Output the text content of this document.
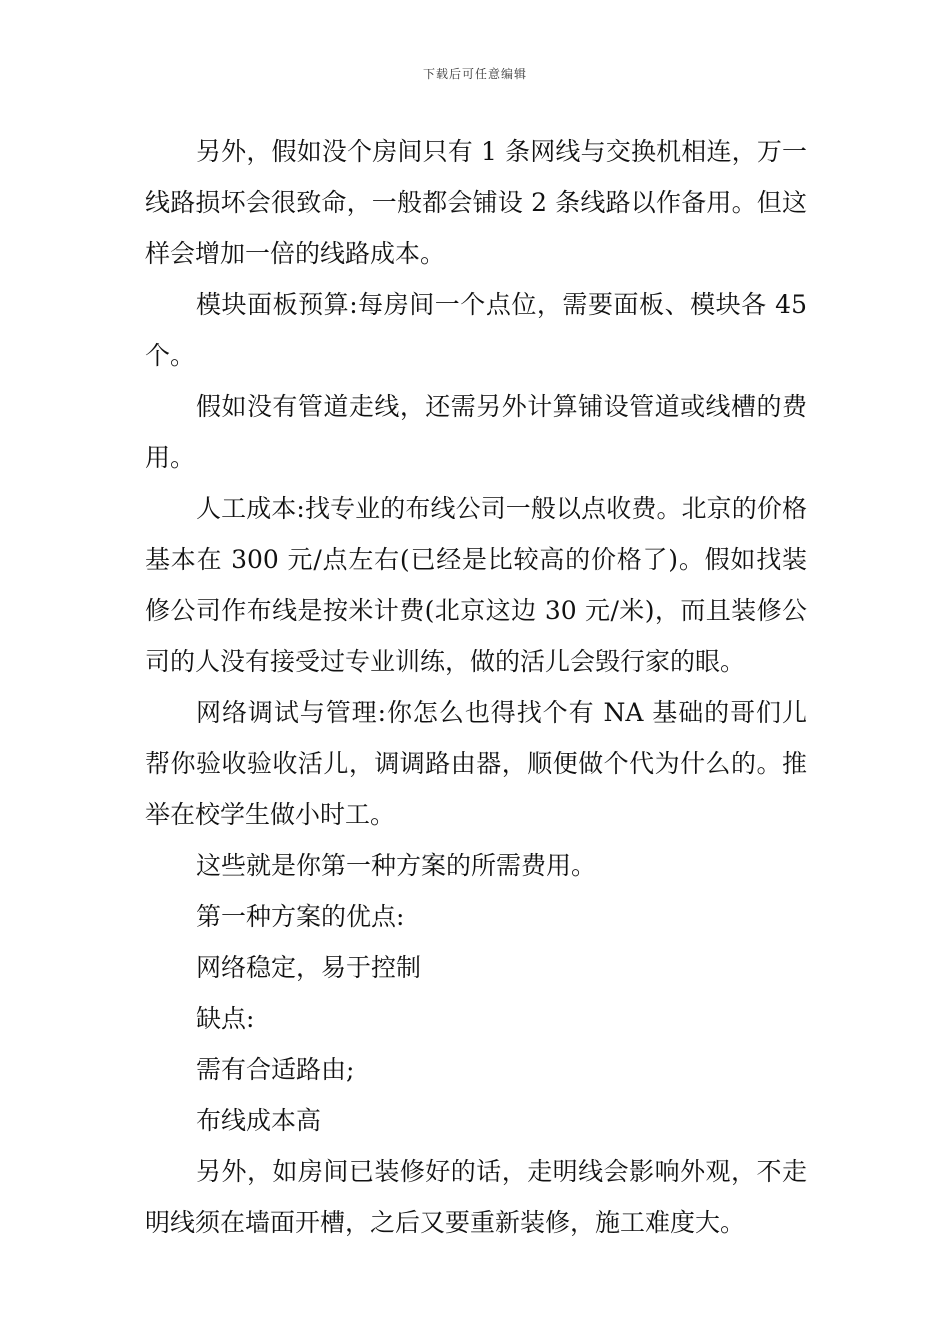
下载后可任意编辑

另外，假如没个房间只有 1 条网线与交换机相连，万一线路损坏会很致命，一般都会铺设 2 条线路以作备用。但这样会增加一倍的线路成本。

模块面板预算:每房间一个点位，需要面板、模块各 45 个。

假如没有管道走线，还需另外计算铺设管道或线槽的费用。

人工成本:找专业的布线公司一般以点收费。北京的价格基本在 300 元/点左右(已经是比较高的价格了)。假如找装修公司作布线是按米计费(北京这边 30 元/米)，而且装修公司的人没有接受过专业训练，做的活儿会毁行家的眼。

网络调试与管理:你怎么也得找个有 NA 基础的哥们儿帮你验收验收活儿，调调路由器，顺便做个代为什么的。推举在校学生做小时工。

这些就是你第一种方案的所需费用。

第一种方案的优点:

网络稳定，易于控制

缺点:

需有合适路由;

布线成本高

另外，如房间已装修好的话，走明线会影响外观，不走明线须在墙面开槽，之后又要重新装修，施工难度大。
